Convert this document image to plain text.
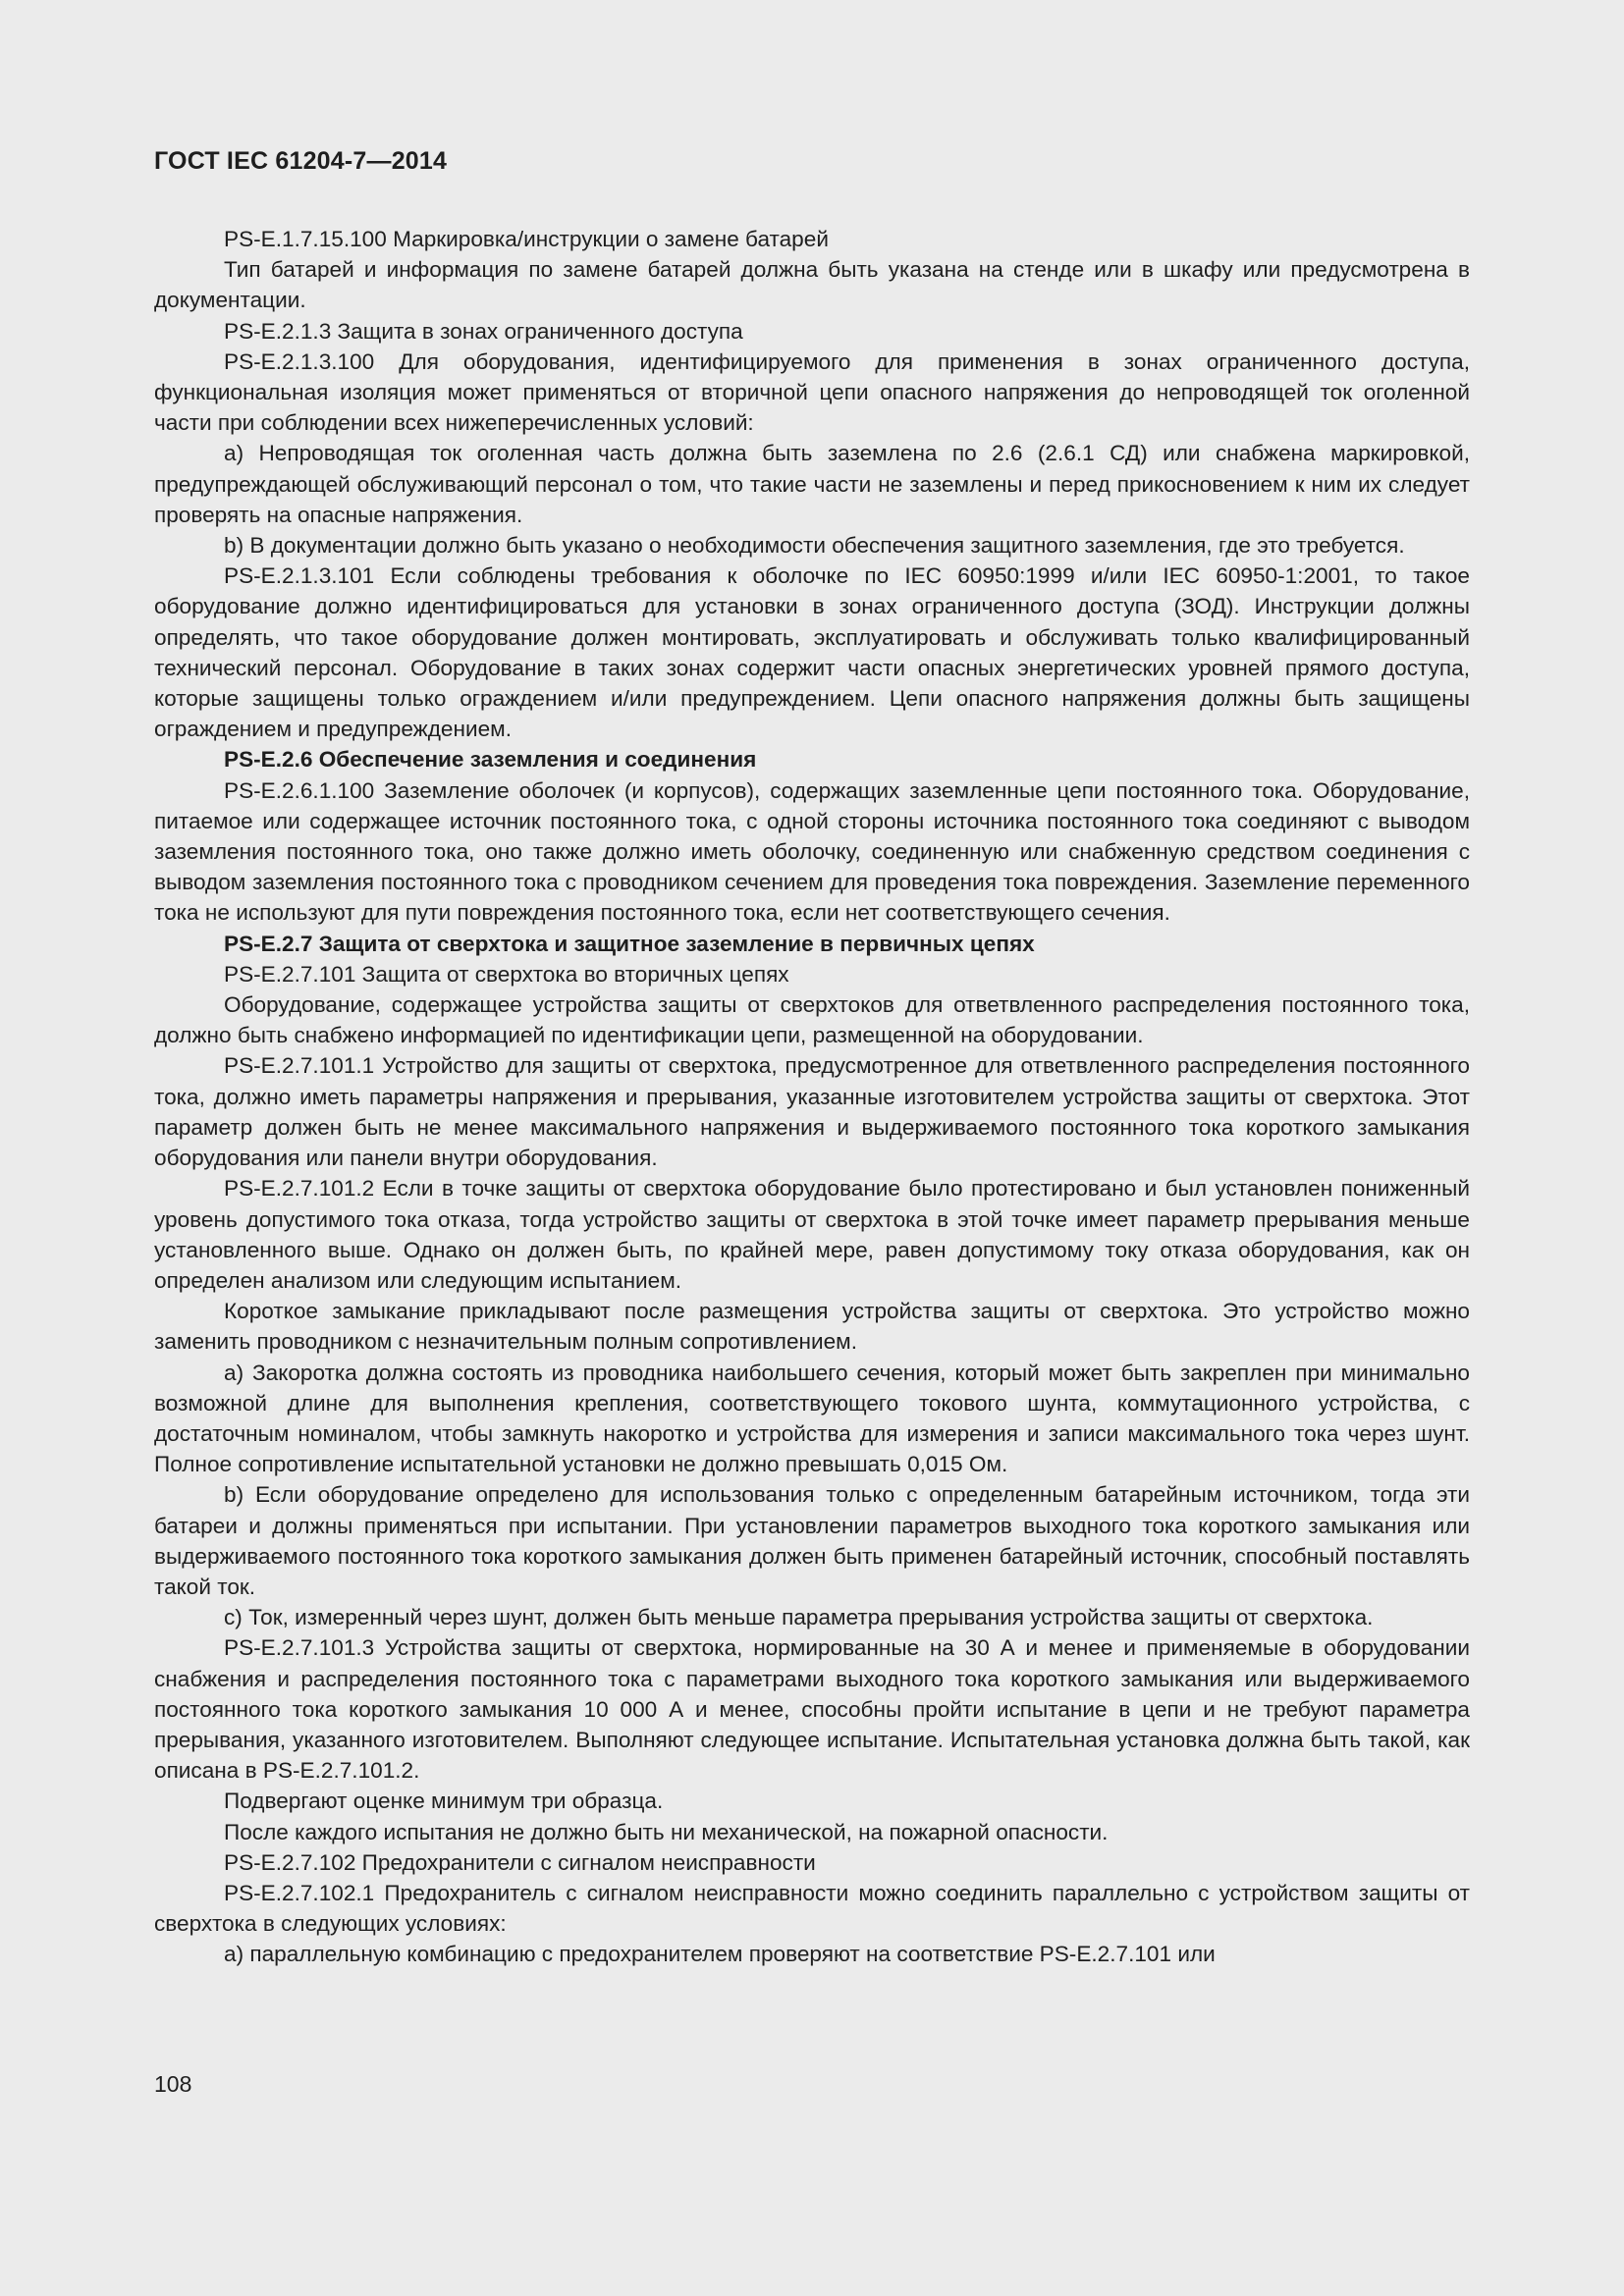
ГОСТ IEC 61204-7—2014

PS-E.1.7.15.100 Маркировка/инструкции о замене батарей

Тип батарей и информация по замене батарей должна быть указана на стенде или в шкафу или предусмотрена в документации.

PS-E.2.1.3 Защита в зонах ограниченного доступа

PS-E.2.1.3.100 Для оборудования, идентифицируемого для применения в зонах ограниченного доступа, функциональная изоляция может применяться от вторичной цепи опасного напряжения до непроводящей ток оголенной части при соблюдении всех нижеперечисленных условий:

a) Непроводящая ток оголенная часть должна быть заземлена по 2.6 (2.6.1 СД) или снабжена маркировкой, предупреждающей обслуживающий персонал о том, что такие части не заземлены и перед прикосновением к ним их следует проверять на опасные напряжения.

b) В документации должно быть указано о необходимости обеспечения защитного заземления, где это требуется.

PS-E.2.1.3.101 Если соблюдены требования к оболочке по IEC 60950:1999 и/или IEC 60950-1:2001, то такое оборудование должно идентифицироваться для установки в зонах ограниченного доступа (ЗОД). Инструкции должны определять, что такое оборудование должен монтировать, эксплуатировать и обслуживать только квалифицированный технический персонал. Оборудование в таких зонах содержит части опасных энергетических уровней прямого доступа, которые защищены только ограждением и/или предупреждением. Цепи опасного напряжения должны быть защищены ограждением и предупреждением.

PS-E.2.6 Обеспечение заземления и соединения

PS-E.2.6.1.100 Заземление оболочек (и корпусов), содержащих заземленные цепи постоянного тока. Оборудование, питаемое или содержащее источник постоянного тока, с одной стороны источника постоянного тока соединяют с выводом заземления постоянного тока, оно также должно иметь оболочку, соединенную или снабженную средством соединения с выводом заземления постоянного тока с проводником сечением для проведения тока повреждения. Заземление переменного тока не используют для пути повреждения постоянного тока, если нет соответствующего сечения.

PS-E.2.7 Защита от сверхтока и защитное заземление в первичных цепях

PS-E.2.7.101 Защита от сверхтока во вторичных цепях

Оборудование, содержащее устройства защиты от сверхтоков для ответвленного распределения постоянного тока, должно быть снабжено информацией по идентификации цепи, размещенной на оборудовании.

PS-E.2.7.101.1 Устройство для защиты от сверхтока, предусмотренное для ответвленного распределения постоянного тока, должно иметь параметры напряжения и прерывания, указанные изготовителем устройства защиты от сверхтока. Этот параметр должен быть не менее максимального напряжения и выдерживаемого постоянного тока короткого замыкания оборудования или панели внутри оборудования.

PS-E.2.7.101.2 Если в точке защиты от сверхтока оборудование было протестировано и был установлен пониженный уровень допустимого тока отказа, тогда устройство защиты от сверхтока в этой точке имеет параметр прерывания меньше установленного выше. Однако он должен быть, по крайней мере, равен допустимому току отказа оборудования, как он определен анализом или следующим испытанием.

Короткое замыкание прикладывают после размещения устройства защиты от сверхтока. Это устройство можно заменить проводником с незначительным полным сопротивлением.

a) Закоротка должна состоять из проводника наибольшего сечения, который может быть закреплен при минимально возможной длине для выполнения крепления, соответствующего токового шунта, коммутационного устройства, с достаточным номиналом, чтобы замкнуть накоротко и устройства для измерения и записи максимального тока через шунт. Полное сопротивление испытательной установки не должно превышать 0,015 Ом.

b) Если оборудование определено для использования только с определенным батарейным источником, тогда эти батареи и должны применяться при испытании. При установлении параметров выходного тока короткого замыкания или выдерживаемого постоянного тока короткого замыкания должен быть применен батарейный источник, способный поставлять такой ток.

c) Ток, измеренный через шунт, должен быть меньше параметра прерывания устройства защиты от сверхтока.

PS-E.2.7.101.3 Устройства защиты от сверхтока, нормированные на 30 А и менее и применяемые в оборудовании снабжения и распределения постоянного тока с параметрами выходного тока короткого замыкания или выдерживаемого постоянного тока короткого замыкания 10 000 А и менее, способны пройти испытание в цепи и не требуют параметра прерывания, указанного изготовителем. Выполняют следующее испытание. Испытательная установка должна быть такой, как описана в PS-E.2.7.101.2.

Подвергают оценке минимум три образца.

После каждого испытания не должно быть ни механической, на пожарной опасности.

PS-E.2.7.102 Предохранители с сигналом неисправности

PS-E.2.7.102.1 Предохранитель с сигналом неисправности можно соединить параллельно с устройством защиты от сверхтока в следующих условиях:

a) параллельную комбинацию с предохранителем проверяют на соответствие PS-E.2.7.101 или

108
